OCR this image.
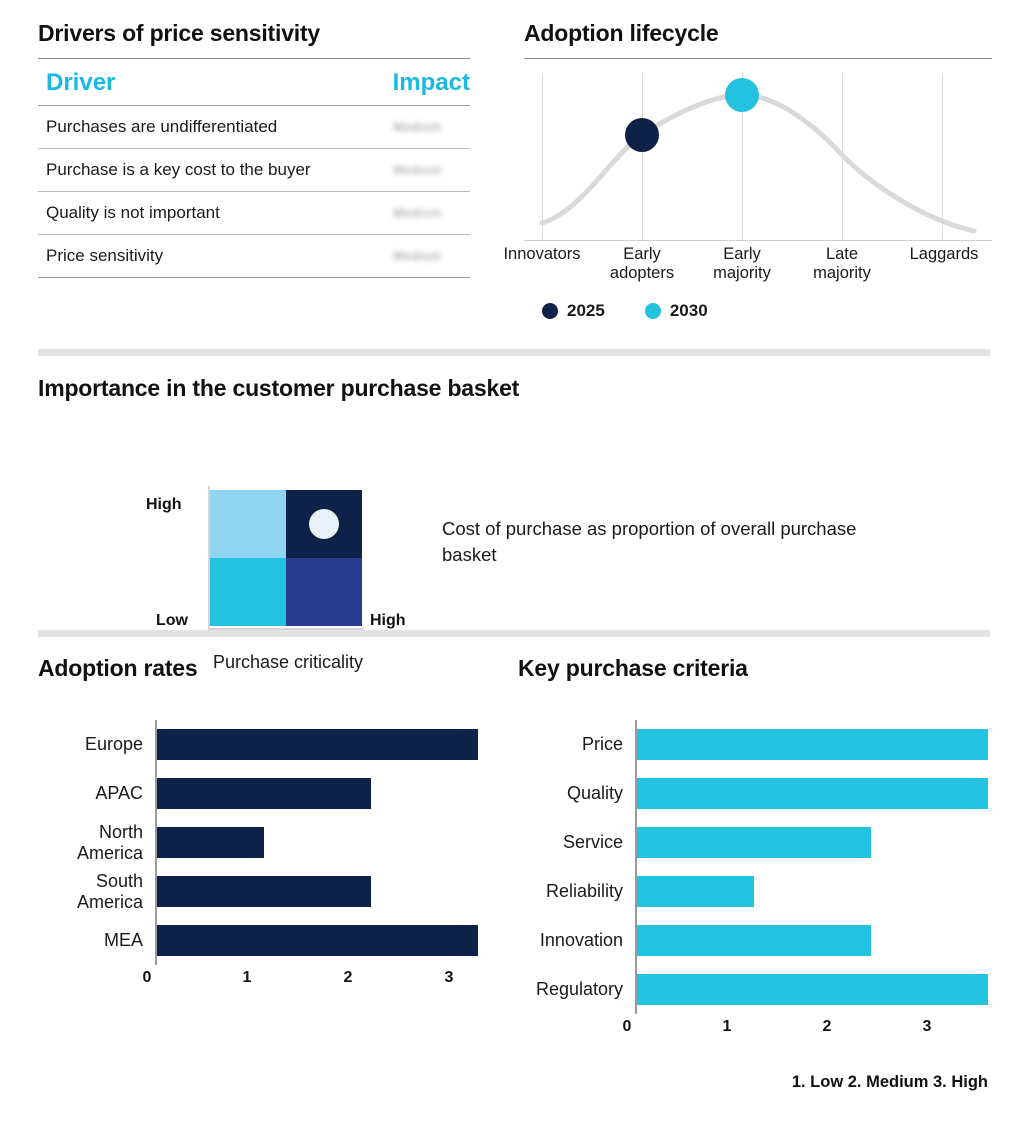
Drivers of price sensitivity
Driver	Impact
Purchases are undifferentiated	Medium
Purchase is a key cost to the buyer	Medium
Quality is not important	Medium
Price sensitivity	Medium
Adoption lifecycle
Innovators	Early
adopters
Early
majority
Late
majority
Laggards
2025	2030
Importance in the customer purchase basket
High
Low	High
Cost of purchase as proportion of overall purchase basket
Purchase criticality
Adoption rates
Europe
APAC
North
America
South
America
MEA
0	1	2	3
Key purchase criteria
Price
Quality
Service
Reliability
Innovation
Regulatory
0	1	2	3
1. Low 2. Medium 3. High
